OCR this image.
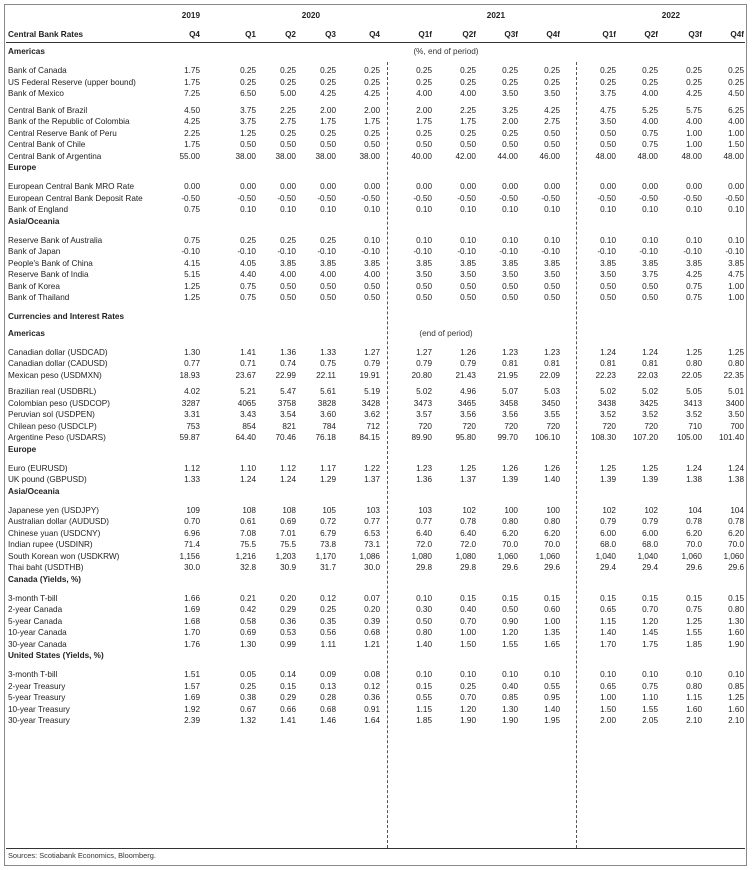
2019	2020	2021	2022
Central Bank Rates	Q4	Q1	Q2	Q3	Q4	Q1f	Q2f	Q3f	Q4f	Q1f	Q2f	Q3f	Q4f
Americas	(%, end of period)
Bank of Canada	1.75	0.25	0.25	0.25	0.25	0.25	0.25	0.25	0.25	0.25	0.25	0.25	0.25
US Federal Reserve (upper bound)	1.75	0.25	0.25	0.25	0.25	0.25	0.25	0.25	0.25	0.25	0.25	0.25	0.25
Bank of Mexico	7.25	6.50	5.00	4.25	4.25	4.00	4.00	3.50	3.50	3.75	4.00	4.25	4.50
Central Bank of Brazil	4.50	3.75	2.25	2.00	2.00	2.00	2.25	3.25	4.25	4.75	5.25	5.75	6.25
Bank of the Republic of Colombia	4.25	3.75	2.75	1.75	1.75	1.75	1.75	2.00	2.75	3.50	4.00	4.00	4.00
Central Reserve Bank of Peru	2.25	1.25	0.25	0.25	0.25	0.25	0.25	0.25	0.50	0.50	0.75	1.00	1.00
Central Bank of Chile	1.75	0.50	0.50	0.50	0.50	0.50	0.50	0.50	0.50	0.50	0.75	1.00	1.50
Central Bank of Argentina	55.00	38.00	38.00	38.00	38.00	40.00	42.00	44.00	46.00	48.00	48.00	48.00	48.00
Europe
European Central Bank MRO Rate	0.00	0.00	0.00	0.00	0.00	0.00	0.00	0.00	0.00	0.00	0.00	0.00	0.00
European Central Bank Deposit Rate	-0.50	-0.50	-0.50	-0.50	-0.50	-0.50	-0.50	-0.50	-0.50	-0.50	-0.50	-0.50	-0.50
Bank of England	0.75	0.10	0.10	0.10	0.10	0.10	0.10	0.10	0.10	0.10	0.10	0.10	0.10
Asia/Oceania
Reserve Bank of Australia	0.75	0.25	0.25	0.25	0.10	0.10	0.10	0.10	0.10	0.10	0.10	0.10	0.10
Bank of Japan	-0.10	-0.10	-0.10	-0.10	-0.10	-0.10	-0.10	-0.10	-0.10	-0.10	-0.10	-0.10	-0.10
People's Bank of China	4.15	4.05	3.85	3.85	3.85	3.85	3.85	3.85	3.85	3.85	3.85	3.85	3.85
Reserve Bank of India	5.15	4.40	4.00	4.00	4.00	3.50	3.50	3.50	3.50	3.50	3.75	4.25	4.75
Bank of Korea	1.25	0.75	0.50	0.50	0.50	0.50	0.50	0.50	0.50	0.50	0.50	0.75	1.00
Bank of Thailand	1.25	0.75	0.50	0.50	0.50	0.50	0.50	0.50	0.50	0.50	0.50	0.75	1.00
Currencies and Interest Rates
Americas	(end of period)
Canadian dollar (USDCAD)	1.30	1.41	1.36	1.33	1.27	1.27	1.26	1.23	1.23	1.24	1.24	1.25	1.25
Canadian dollar (CADUSD)	0.77	0.71	0.74	0.75	0.79	0.79	0.79	0.81	0.81	0.81	0.81	0.80	0.80
Mexican peso (USDMXN)	18.93	23.67	22.99	22.11	19.91	20.80	21.43	21.95	22.09	22.23	22.03	22.05	22.35
Brazilian real (USDBRL)	4.02	5.21	5.47	5.61	5.19	5.02	4.96	5.07	5.03	5.02	5.02	5.05	5.01
Colombian peso (USDCOP)	3287	4065	3758	3828	3428	3473	3465	3458	3450	3438	3425	3413	3400
Peruvian sol (USDPEN)	3.31	3.43	3.54	3.60	3.62	3.57	3.56	3.56	3.55	3.52	3.52	3.52	3.50
Chilean peso (USDCLP)	753	854	821	784	712	720	720	720	720	720	720	710	700
Argentine Peso (USDARS)	59.87	64.40	70.46	76.18	84.15	89.90	95.80	99.70	106.10	108.30	107.20	105.00	101.40
Europe
Euro (EURUSD)	1.12	1.10	1.12	1.17	1.22	1.23	1.25	1.26	1.26	1.25	1.25	1.24	1.24
UK pound (GBPUSD)	1.33	1.24	1.24	1.29	1.37	1.36	1.37	1.39	1.40	1.39	1.39	1.38	1.38
Asia/Oceania
Japanese yen (USDJPY)	109	108	108	105	103	103	102	100	100	102	102	104	104
Australian dollar (AUDUSD)	0.70	0.61	0.69	0.72	0.77	0.77	0.78	0.80	0.80	0.79	0.79	0.78	0.78
Chinese yuan (USDCNY)	6.96	7.08	7.01	6.79	6.53	6.40	6.40	6.20	6.20	6.00	6.00	6.20	6.20
Indian rupee (USDINR)	71.4	75.5	75.5	73.8	73.1	72.0	72.0	70.0	70.0	68.0	68.0	70.0	70.0
South Korean won (USDKRW)	1,156	1,216	1,203	1,170	1,086	1,080	1,080	1,060	1,060	1,040	1,040	1,060	1,060
Thai baht (USDTHB)	30.0	32.8	30.9	31.7	30.0	29.8	29.8	29.6	29.6	29.4	29.4	29.6	29.6
Canada (Yields, %)
3-month T-bill	1.66	0.21	0.20	0.12	0.07	0.10	0.15	0.15	0.15	0.15	0.15	0.15	0.15
2-year Canada	1.69	0.42	0.29	0.25	0.20	0.30	0.40	0.50	0.60	0.65	0.70	0.75	0.80
5-year Canada	1.68	0.58	0.36	0.35	0.39	0.50	0.70	0.90	1.00	1.15	1.20	1.25	1.30
10-year Canada	1.70	0.69	0.53	0.56	0.68	0.80	1.00	1.20	1.35	1.40	1.45	1.55	1.60
30-year Canada	1.76	1.30	0.99	1.11	1.21	1.40	1.50	1.55	1.65	1.70	1.75	1.85	1.90
United States (Yields, %)
3-month T-bill	1.51	0.05	0.14	0.09	0.08	0.10	0.10	0.10	0.10	0.10	0.10	0.10	0.10
2-year Treasury	1.57	0.25	0.15	0.13	0.12	0.15	0.25	0.40	0.55	0.65	0.75	0.80	0.85
5-year Treasury	1.69	0.38	0.29	0.28	0.36	0.55	0.70	0.85	0.95	1.00	1.10	1.15	1.25
10-year Treasury	1.92	0.67	0.66	0.68	0.91	1.15	1.20	1.30	1.40	1.50	1.55	1.60	1.60
30-year Treasury	2.39	1.32	1.41	1.46	1.64	1.85	1.90	1.90	1.95	2.00	2.05	2.10	2.10
Sources: Scotiabank Economics, Bloomberg.
